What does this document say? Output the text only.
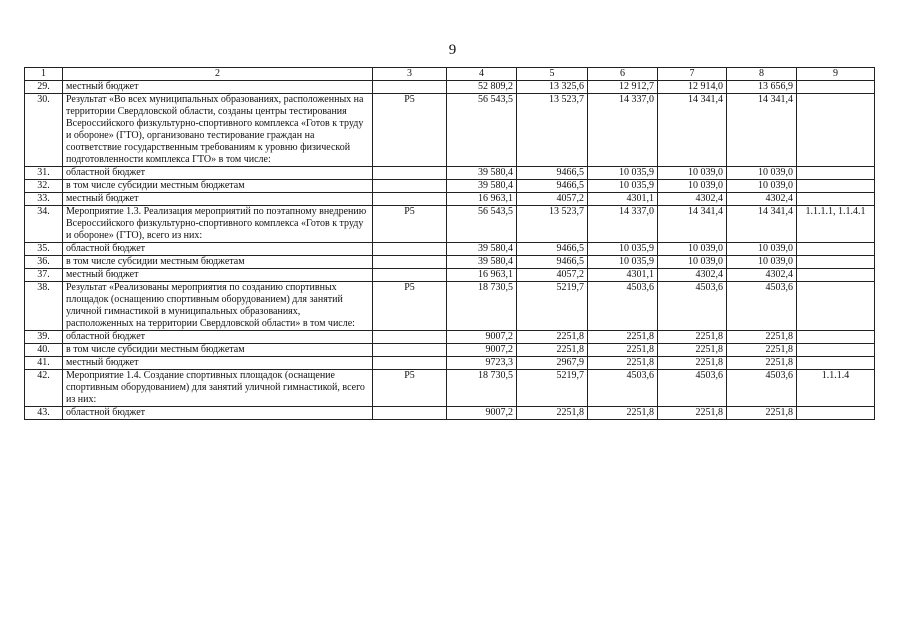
9
1	2	3	4	5	6	7	8	9
29.	местный бюджет		52 809,2	13 325,6	12 912,7	12 914,0	13 656,9	
30.	Результат «Во всех муниципальных образованиях, расположенных на территории Свердловской области, созданы центры тестирования Всероссийского физкультурно-спортивного комплекса «Готов к труду и обороне» (ГТО), организовано тестирование граждан на соответствие государственным требованиям к уровню физической подготовленности комплекса ГТО» в том числе:	Р5	56 543,5	13 523,7	14 337,0	14 341,4	14 341,4	
31.	областной бюджет		39 580,4	9466,5	10 035,9	10 039,0	10 039,0	
32.	в том числе субсидии местным бюджетам		39 580,4	9466,5	10 035,9	10 039,0	10 039,0	
33.	местный бюджет		16 963,1	4057,2	4301,1	4302,4	4302,4	
34.	Мероприятие 1.3. Реализация мероприятий по поэтапному внедрению Всероссийского физкультурно-спортивного комплекса «Готов к труду и обороне» (ГТО), всего из них:	Р5	56 543,5	13 523,7	14 337,0	14 341,4	14 341,4	1.1.1.1, 1.1.4.1
35.	областной бюджет		39 580,4	9466,5	10 035,9	10 039,0	10 039,0	
36.	в том числе субсидии местным бюджетам		39 580,4	9466,5	10 035,9	10 039,0	10 039,0	
37.	местный бюджет		16 963,1	4057,2	4301,1	4302,4	4302,4	
38.	Результат «Реализованы мероприятия по созданию спортивных площадок (оснащению спортивным оборудованием) для занятий уличной гимнастикой в муниципальных образованиях, расположенных на территории Свердловской области» в том числе:	Р5	18 730,5	5219,7	4503,6	4503,6	4503,6	
39.	областной бюджет		9007,2	2251,8	2251,8	2251,8	2251,8	
40.	в том числе субсидии местным бюджетам		9007,2	2251,8	2251,8	2251,8	2251,8	
41.	местный бюджет		9723,3	2967,9	2251,8	2251,8	2251,8	
42.	Мероприятие 1.4. Создание спортивных площадок (оснащение спортивным оборудованием) для занятий уличной гимнастикой, всего из них:	Р5	18 730,5	5219,7	4503,6	4503,6	4503,6	1.1.1.4
43.	областной бюджет		9007,2	2251,8	2251,8	2251,8	2251,8	
